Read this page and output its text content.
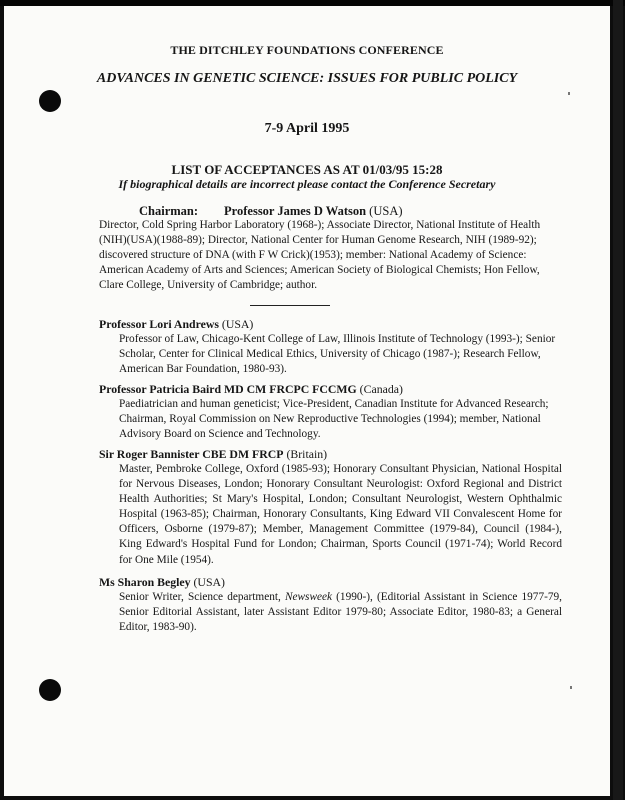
THE DITCHLEY FOUNDATIONS CONFERENCE
ADVANCES IN GENETIC SCIENCE: ISSUES FOR PUBLIC POLICY
7-9 April 1995
LIST OF ACCEPTANCES AS AT 01/03/95 15:28
If biographical details are incorrect please contact the Conference Secretary
Chairman: Professor James D Watson (USA)
Director, Cold Spring Harbor Laboratory (1968-); Associate Director, National Institute of Health (NIH)(USA)(1988-89); Director, National Center for Human Genome Research, NIH (1989-92); discovered structure of DNA (with F W Crick)(1953); member: National Academy of Science: American Academy of Arts and Sciences; American Society of Biological Chemists; Hon Fellow, Clare College, University of Cambridge; author.
Professor Lori Andrews (USA)
Professor of Law, Chicago-Kent College of Law, Illinois Institute of Technology (1993-); Senior Scholar, Center for Clinical Medical Ethics, University of Chicago (1987-); Research Fellow, American Bar Foundation, 1980-93).
Professor Patricia Baird MD CM FRCPC FCCMG (Canada)
Paediatrician and human geneticist; Vice-President, Canadian Institute for Advanced Research; Chairman, Royal Commission on New Reproductive Technologies (1994); member, National Advisory Board on Science and Technology.
Sir Roger Bannister CBE DM FRCP (Britain)
Master, Pembroke College, Oxford (1985-93); Honorary Consultant Physician, National Hospital for Nervous Diseases, London; Honorary Consultant Neurologist: Oxford Regional and District Health Authorities; St Mary's Hospital, London; Consultant Neurologist, Western Ophthalmic Hospital (1963-85); Chairman, Honorary Consultants, King Edward VII Convalescent Home for Officers, Osborne (1979-87); Member, Management Committee (1979-84), Council (1984-), King Edward's Hospital Fund for London; Chairman, Sports Council (1971-74); World Record for One Mile (1954).
Ms Sharon Begley (USA)
Senior Writer, Science department, Newsweek (1990-), (Editorial Assistant in Science 1977-79, Senior Editorial Assistant, later Assistant Editor 1979-80; Associate Editor, 1980-83; a General Editor, 1983-90).
